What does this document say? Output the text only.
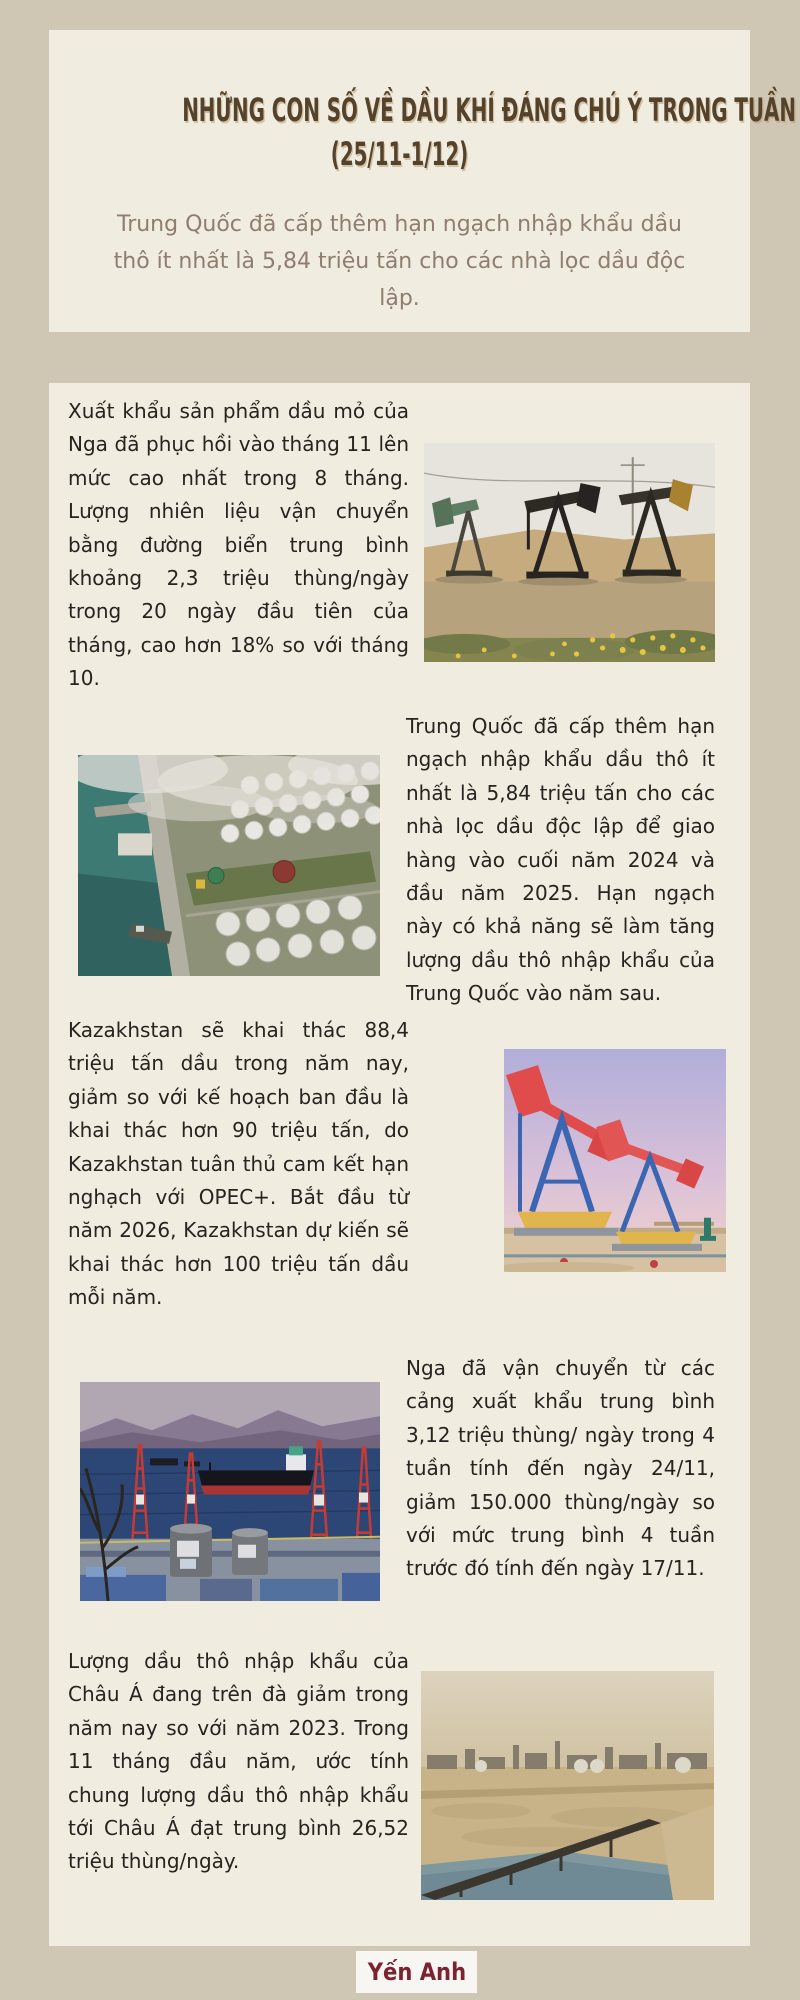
NHỮNG CON SỐ VỀ DẦU KHÍ ĐÁNG CHÚ Ý TRONG TUẦN
(25/11-1/12)

Trung Quốc đã cấp thêm hạn ngạch nhập khẩu dầu thô ít nhất là 5,84 triệu tấn cho các nhà lọc dầu độc lập.

Xuất khẩu sản phẩm dầu mỏ của Nga đã phục hồi vào tháng 11 lên mức cao nhất trong 8 tháng. Lượng nhiên liệu vận chuyển bằng đường biển trung bình khoảng 2,3 triệu thùng/ngày trong 20 ngày đầu tiên của tháng, cao hơn 18% so với tháng 10.

Trung Quốc đã cấp thêm hạn ngạch nhập khẩu dầu thô ít nhất là 5,84 triệu tấn cho các nhà lọc dầu độc lập để giao hàng vào cuối năm 2024 và đầu năm 2025. Hạn ngạch này có khả năng sẽ làm tăng lượng dầu thô nhập khẩu của Trung Quốc vào năm sau.

Kazakhstan sẽ khai thác 88,4 triệu tấn dầu trong năm nay, giảm so với kế hoạch ban đầu là khai thác hơn 90 triệu tấn, do Kazakhstan tuân thủ cam kết hạn nghạch với OPEC+. Bắt đầu từ năm 2026, Kazakhstan dự kiến sẽ khai thác hơn 100 triệu tấn dầu mỗi năm.

Nga đã vận chuyển từ các cảng xuất khẩu trung bình 3,12 triệu thùng/ ngày trong 4 tuần tính đến ngày 24/11, giảm 150.000 thùng/ngày so với mức trung bình 4 tuần trước đó tính đến ngày 17/11.

Lượng dầu thô nhập khẩu của Châu Á đang trên đà giảm trong năm nay so với năm 2023. Trong 11 tháng đầu năm, ước tính chung lượng dầu thô nhập khẩu tới Châu Á đạt trung bình 26,52 triệu thùng/ngày.

Yến Anh
